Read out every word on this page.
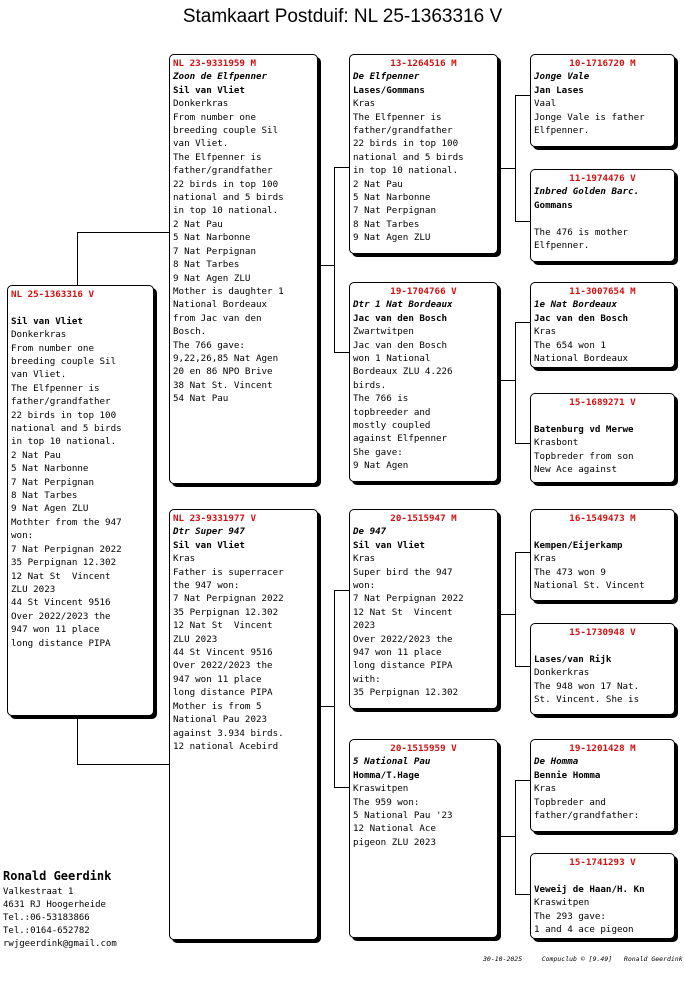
Stamkaart Postduif: NL 25-1363316 V
NL 25-1363316 V
Sil van Vliet
Donkerkras
From number one
breeding couple Sil
van Vliet.
The Elfpenner is
father/grandfather
22 birds in top 100
national and 5 birds
in top 10 national.
2 Nat Pau
5 Nat Narbonne
7 Nat Perpignan
8 Nat Tarbes
9 Nat Agen ZLU
Mothter from the 947
won:
7 Nat Perpignan 2022
35 Perpignan 12.302
12 Nat St  Vincent
ZLU 2023
44 St Vincent 9516
Over 2022/2023 the
947 won 11 place
long distance PIPA
NL 23-9331959 M
Zoon de Elfpenner
Sil van Vliet
Donkerkras
From number one
breeding couple Sil
van Vliet.
The Elfpenner is
father/grandfather
22 birds in top 100
national and 5 birds
in top 10 national.
2 Nat Pau
5 Nat Narbonne
7 Nat Perpignan
8 Nat Tarbes
9 Nat Agen ZLU
Mother is daughter 1
National Bordeaux
from Jac van den
Bosch.
The 766 gave:
9,22,26,85 Nat Agen
20 en 86 NPO Brive
38 Nat St. Vincent
54 Nat Pau
NL 23-9331977 V
Dtr Super 947
Sil van Vliet
Kras
Father is superracer
the 947 won:
7 Nat Perpignan 2022
35 Perpignan 12.302
12 Nat St  Vincent
ZLU 2023
44 St Vincent 9516
Over 2022/2023 the
947 won 11 place
long distance PIPA
Mother is from 5
National Pau 2023
against 3.934 birds.
12 national Acebird
13-1264516 M
De Elfpenner
Lases/Gommans
Kras
The Elfpenner is
father/grandfather
22 birds in top 100
national and 5 birds
in top 10 national.
2 Nat Pau
5 Nat Narbonne
7 Nat Perpignan
8 Nat Tarbes
9 Nat Agen ZLU
19-1704766 V
Dtr 1 Nat Bordeaux
Jac van den Bosch
Zwartwitpen
Jac van den Bosch
won 1 National
Bordeaux ZLU 4.226
birds.
The 766 is
topbreeder and
mostly coupled
against Elfpenner
She gave:
9 Nat Agen
20-1515947 M
De 947
Sil van Vliet
Kras
Super bird the 947
won:
7 Nat Perpignan 2022
12 Nat St  Vincent
2023
Over 2022/2023 the
947 won 11 place
long distance PIPA
with:
35 Perpignan 12.302
20-1515959 V
5 National Pau
Homma/T.Hage
Kraswitpen
The 959 won:
5 National Pau '23
12 National Ace
pigeon ZLU 2023
10-1716720 M
Jonge Vale
Jan Lases
Vaal
Jonge Vale is father
Elfpenner.
11-1974476 V
Inbred Golden Barc.
Gommans
The 476 is mother
Elfpenner.
11-3007654 M
1e Nat Bordeaux
Jac van den Bosch
Kras
The 654 won 1
National Bordeaux
15-1689271 V
Batenburg vd Merwe
Krasbont
Topbreder from son
New Ace against
16-1549473 M
Kempen/Eijerkamp
Kras
The 473 won 9
National St. Vincent
15-1730948 V
Lases/van Rijk
Donkerkras
The 948 won 17 Nat.
St. Vincent. She is
19-1201428 M
De Homma
Bennie Homma
Kras
Topbreder and
father/grandfather:
15-1741293 V
Veweij de Haan/H. Kn
Kraswitpen
The 293 gave:
1 and 4 ace pigeon
Ronald Geerdink
Valkestraat 1
4631 RJ Hoogerheide
Tel.:06-53183866
Tel.:0164-652782
rwjgeerdink@gmail.com
30-10-2025	Compuclub © [9.49] Ronald Geerdink
